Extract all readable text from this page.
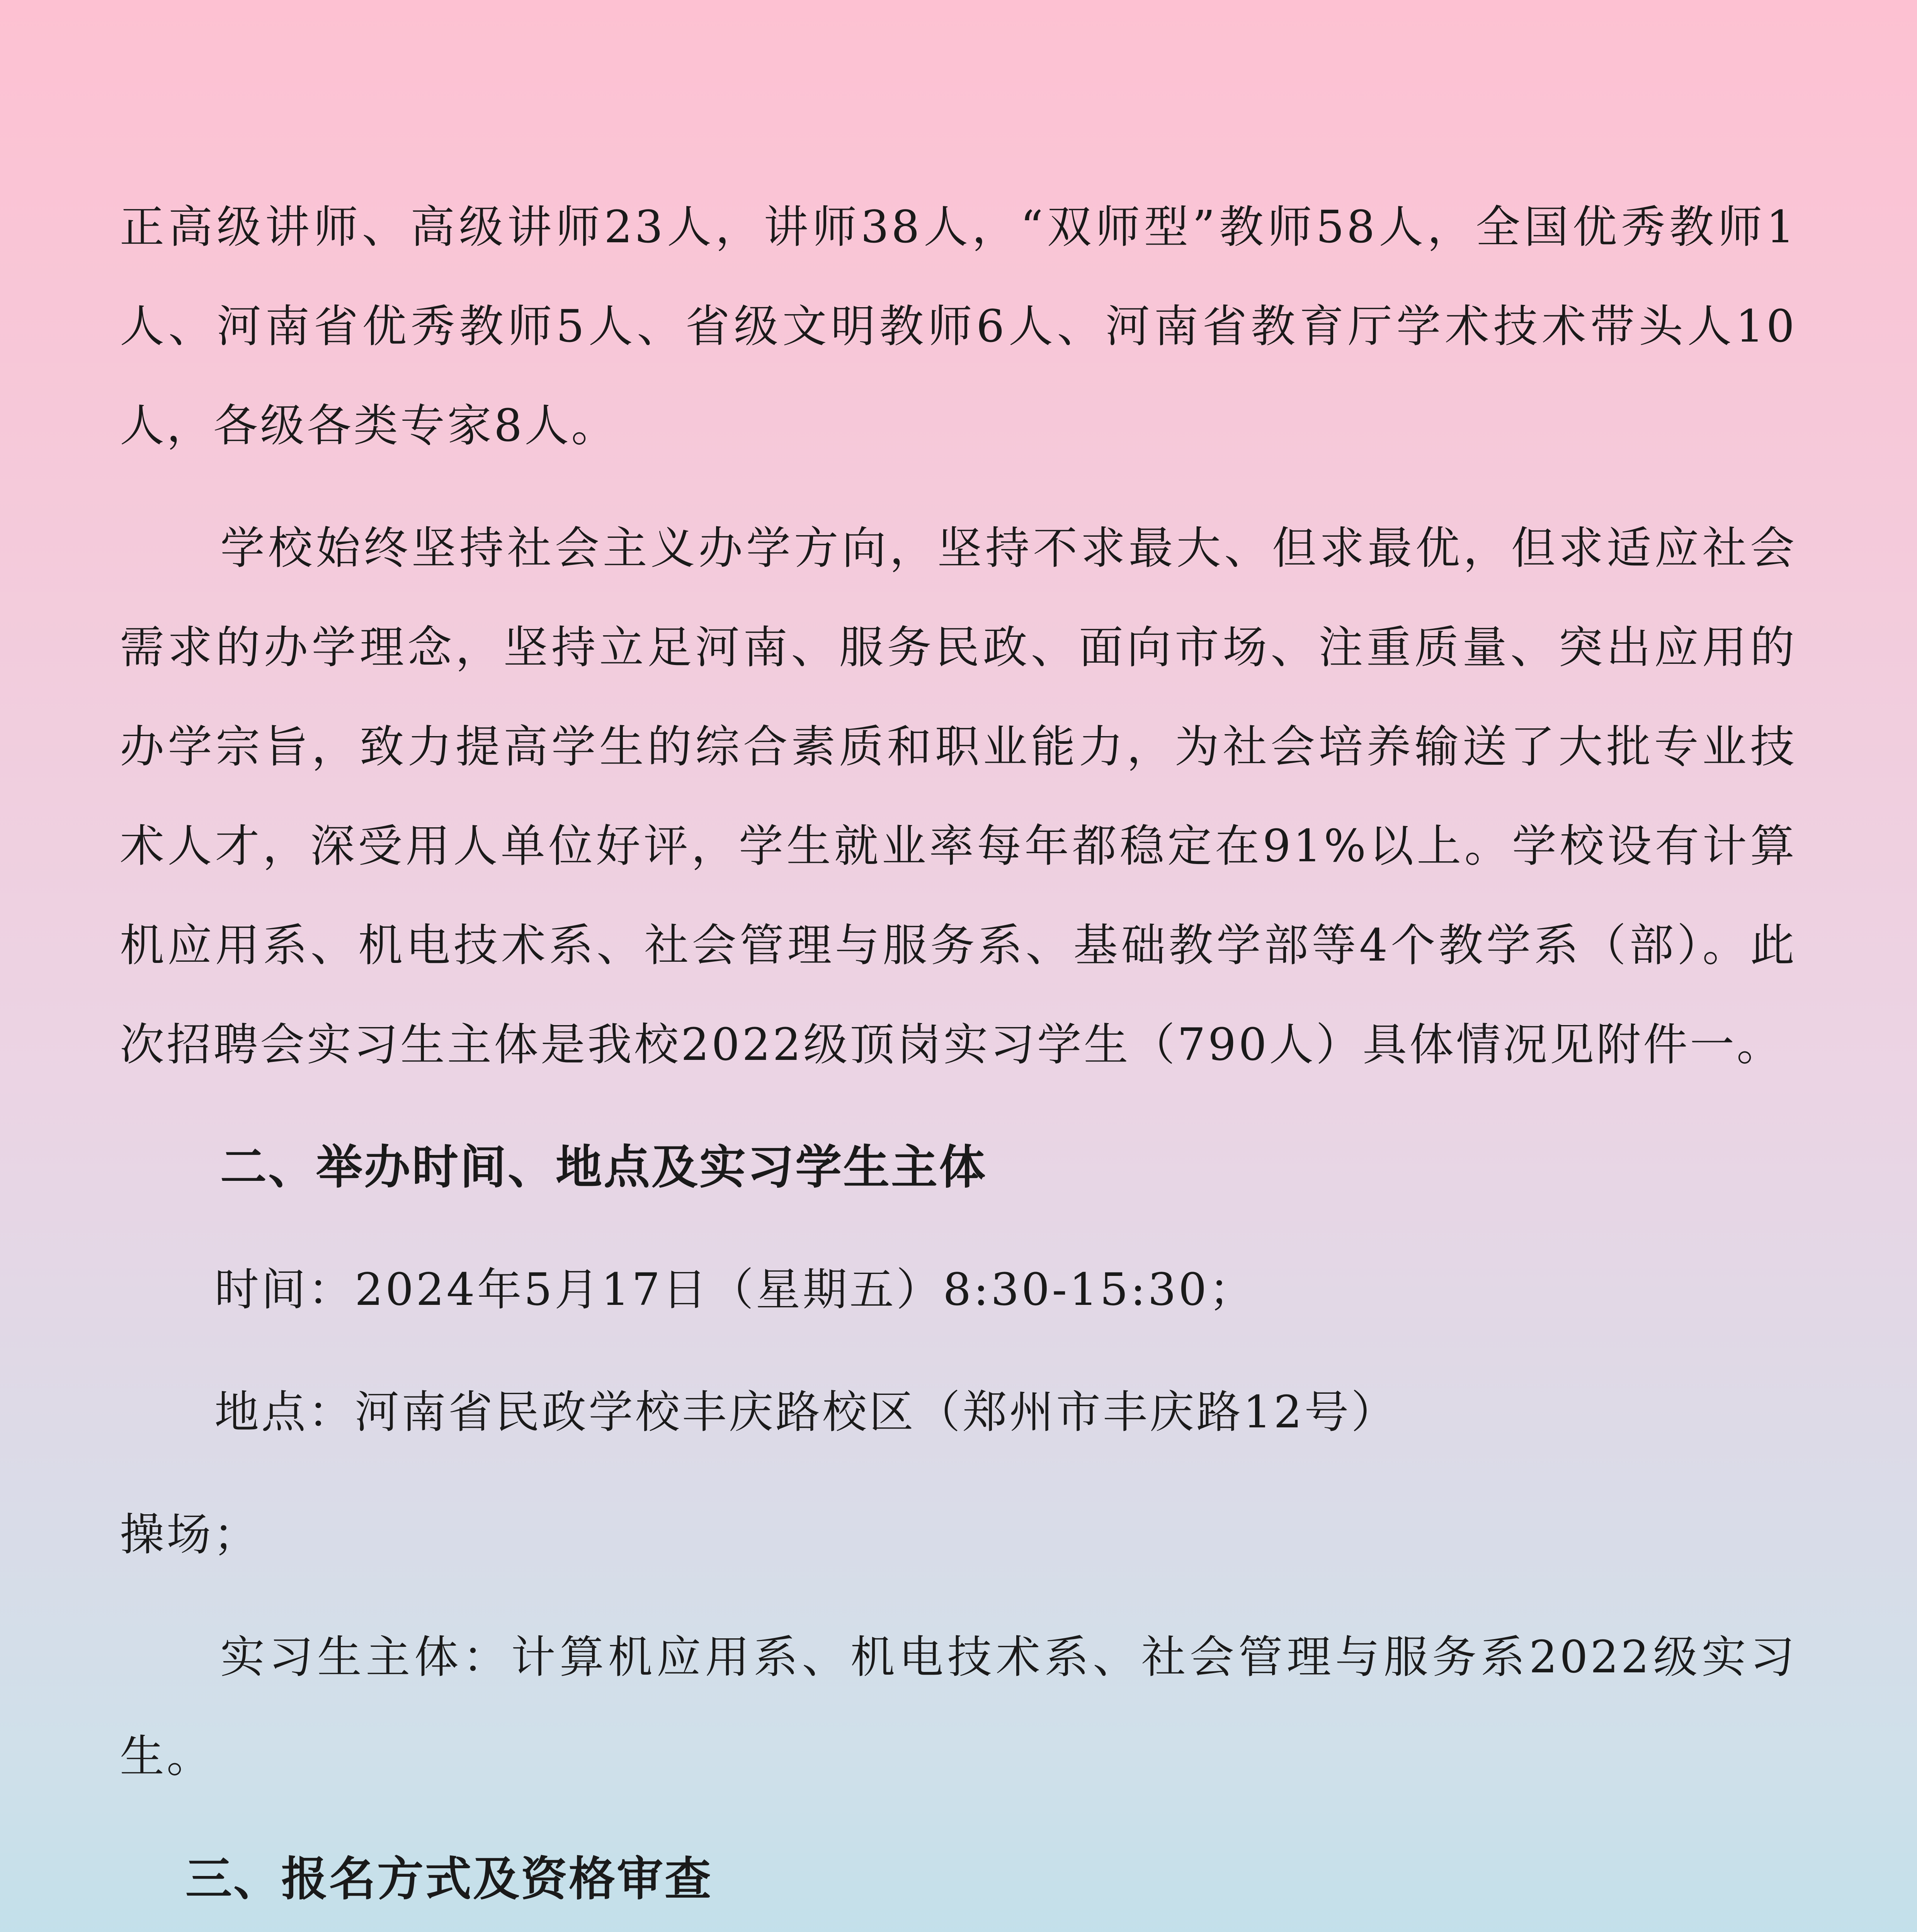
正高级讲师、高级讲师23人，讲师38人，“双师型”教师58人，全国优秀教师1人、河南省优秀教师5人、省级文明教师6人、河南省教育厅学术技术带头人10人，各级各类专家8人。

学校始终坚持社会主义办学方向，坚持不求最大、但求最优，但求适应社会需求的办学理念，坚持立足河南、服务民政、面向市场、注重质量、突出应用的办学宗旨，致力提高学生的综合素质和职业能力，为社会培养输送了大批专业技术人才，深受用人单位好评，学生就业率每年都稳定在91%以上。学校设有计算机应用系、机电技术系、社会管理与服务系、基础教学部等4个教学系（部）。此次招聘会实习生主体是我校2022级顶岗实习学生（790人）具体情况见附件一。

二、举办时间、地点及实习学生主体
时间：2024年5月17日（星期五）8:30-15:30；
地点：河南省民政学校丰庆路校区（郑州市丰庆路12号）
操场；

实习生主体：计算机应用系、机电技术系、社会管理与服务系2022级实习生。

三、报名方式及资格审查
